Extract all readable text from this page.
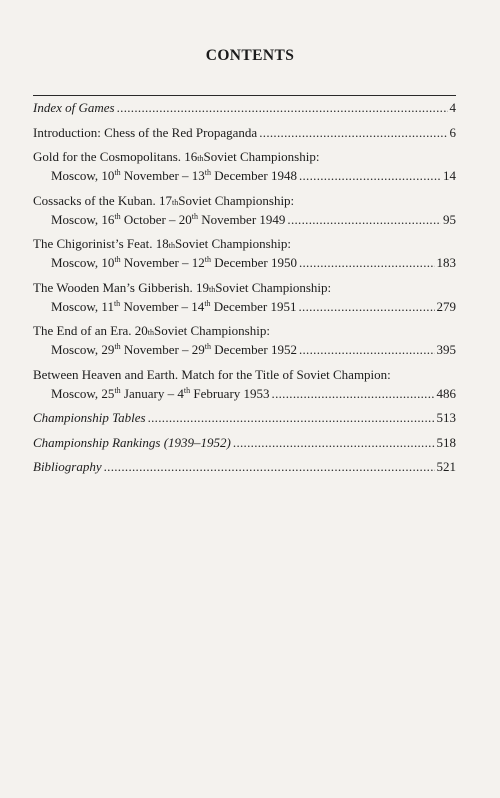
CONTENTS
Index of Games .....	4
Introduction: Chess of the Red Propaganda .....	6
Gold for the Cosmopolitans. 16 th Soviet Championship:
Moscow, 10th November – 13th December 1948 .....	14
Cossacks of the Kuban. 17 th Soviet Championship:
Moscow, 16th October – 20th November 1949 .....	95
The Chigorinist’s Feat. 18 th Soviet Championship:
Moscow, 10th November – 12th December 1950 .....	183
The Wooden Man’s Gibberish. 19 th Soviet Championship:
Moscow, 11th November – 14th December 1951 .....	279
The End of an Era. 20 th Soviet Championship:
Moscow, 29th November – 29th December 1952 .....	395
Between Heaven and Earth. Match for the Title of Soviet Champion:
Moscow, 25th January – 4th February 1953 .....	486
Championship Tables .....	513
Championship Rankings (1939–1952) .....	518
Bibliography .....	521
